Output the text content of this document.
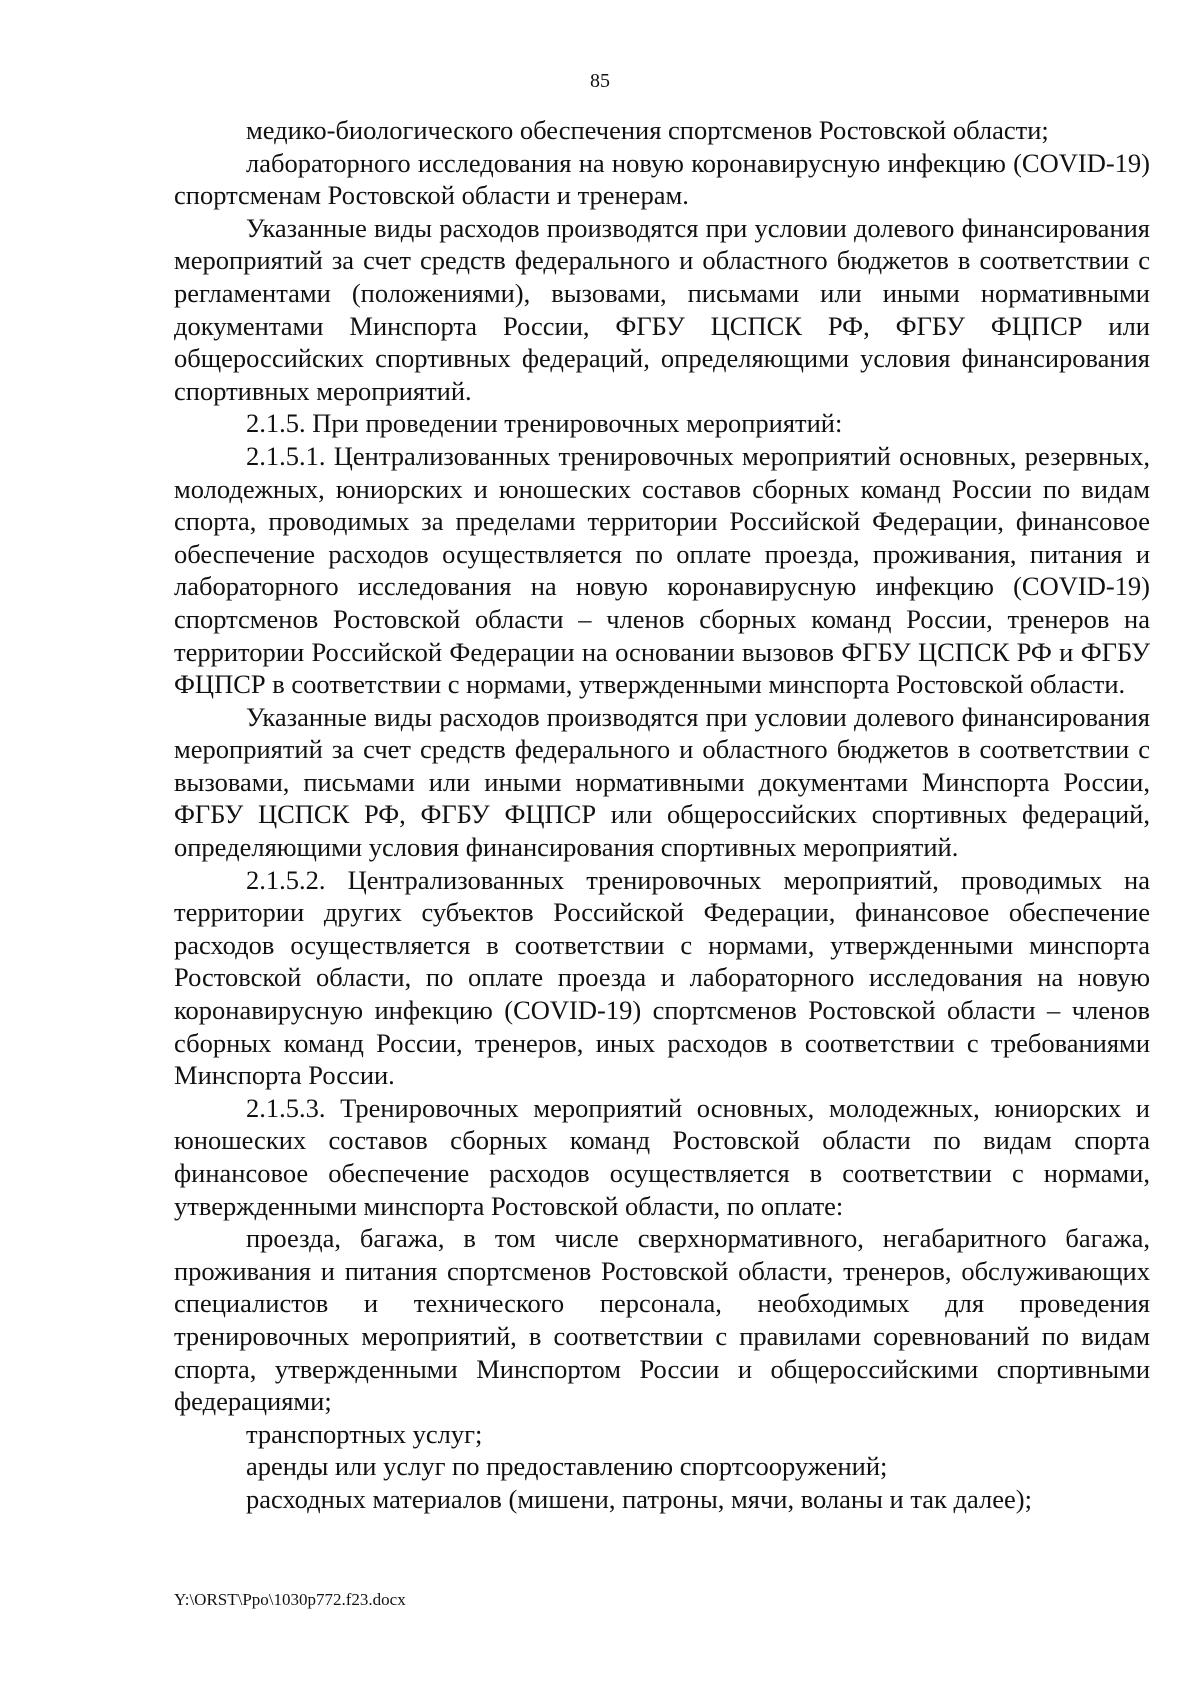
85

медико-биологического обеспечения спортсменов Ростовской области;

лабораторного исследования на новую коронавирусную инфекцию (COVID-19) спортсменам Ростовской области и тренерам.

Указанные виды расходов производятся при условии долевого финансирования мероприятий за счет средств федерального и областного бюджетов в соответствии с регламентами (положениями), вызовами, письмами или иными нормативными документами Минспорта России, ФГБУ ЦСПСК РФ, ФГБУ ФЦПСР или общероссийских спортивных федераций, определяющими условия финансирования спортивных мероприятий.

2.1.5. При проведении тренировочных мероприятий:

2.1.5.1. Централизованных тренировочных мероприятий основных, резервных, молодежных, юниорских и юношеских составов сборных команд России по видам спорта, проводимых за пределами территории Российской Федерации, финансовое обеспечение расходов осуществляется по оплате проезда, проживания, питания и лабораторного исследования на новую коронавирусную инфекцию (COVID-19) спортсменов Ростовской области – членов сборных команд России, тренеров на территории Российской Федерации на основании вызовов ФГБУ ЦСПСК РФ и ФГБУ ФЦПСР в соответствии с нормами, утвержденными минспорта Ростовской области.

Указанные виды расходов производятся при условии долевого финансирования мероприятий за счет средств федерального и областного бюджетов в соответствии с вызовами, письмами или иными нормативными документами Минспорта России, ФГБУ ЦСПСК РФ, ФГБУ ФЦПСР или общероссийских спортивных федераций, определяющими условия финансирования спортивных мероприятий.

2.1.5.2. Централизованных тренировочных мероприятий, проводимых на территории других субъектов Российской Федерации, финансовое обеспечение расходов осуществляется в соответствии с нормами, утвержденными минспорта Ростовской области, по оплате проезда и лабораторного исследования на новую коронавирусную инфекцию (COVID-19) спортсменов Ростовской области – членов сборных команд России, тренеров, иных расходов в соответствии с требованиями Минспорта России.

2.1.5.3. Тренировочных мероприятий основных, молодежных, юниорских и юношеских составов сборных команд Ростовской области по видам спорта финансовое обеспечение расходов осуществляется в соответствии с нормами, утвержденными минспорта Ростовской области, по оплате:

проезда, багажа, в том числе сверхнормативного, негабаритного багажа, проживания и питания спортсменов Ростовской области, тренеров, обслуживающих специалистов и технического персонала, необходимых для проведения тренировочных мероприятий, в соответствии с правилами соревнований по видам спорта, утвержденными Минспортом России и общероссийскими спортивными федерациями;

транспортных услуг;

аренды или услуг по предоставлению спортсооружений;

расходных материалов (мишени, патроны, мячи, воланы и так далее);

Y:\ORST\Ppo\1030p772.f23.docx
